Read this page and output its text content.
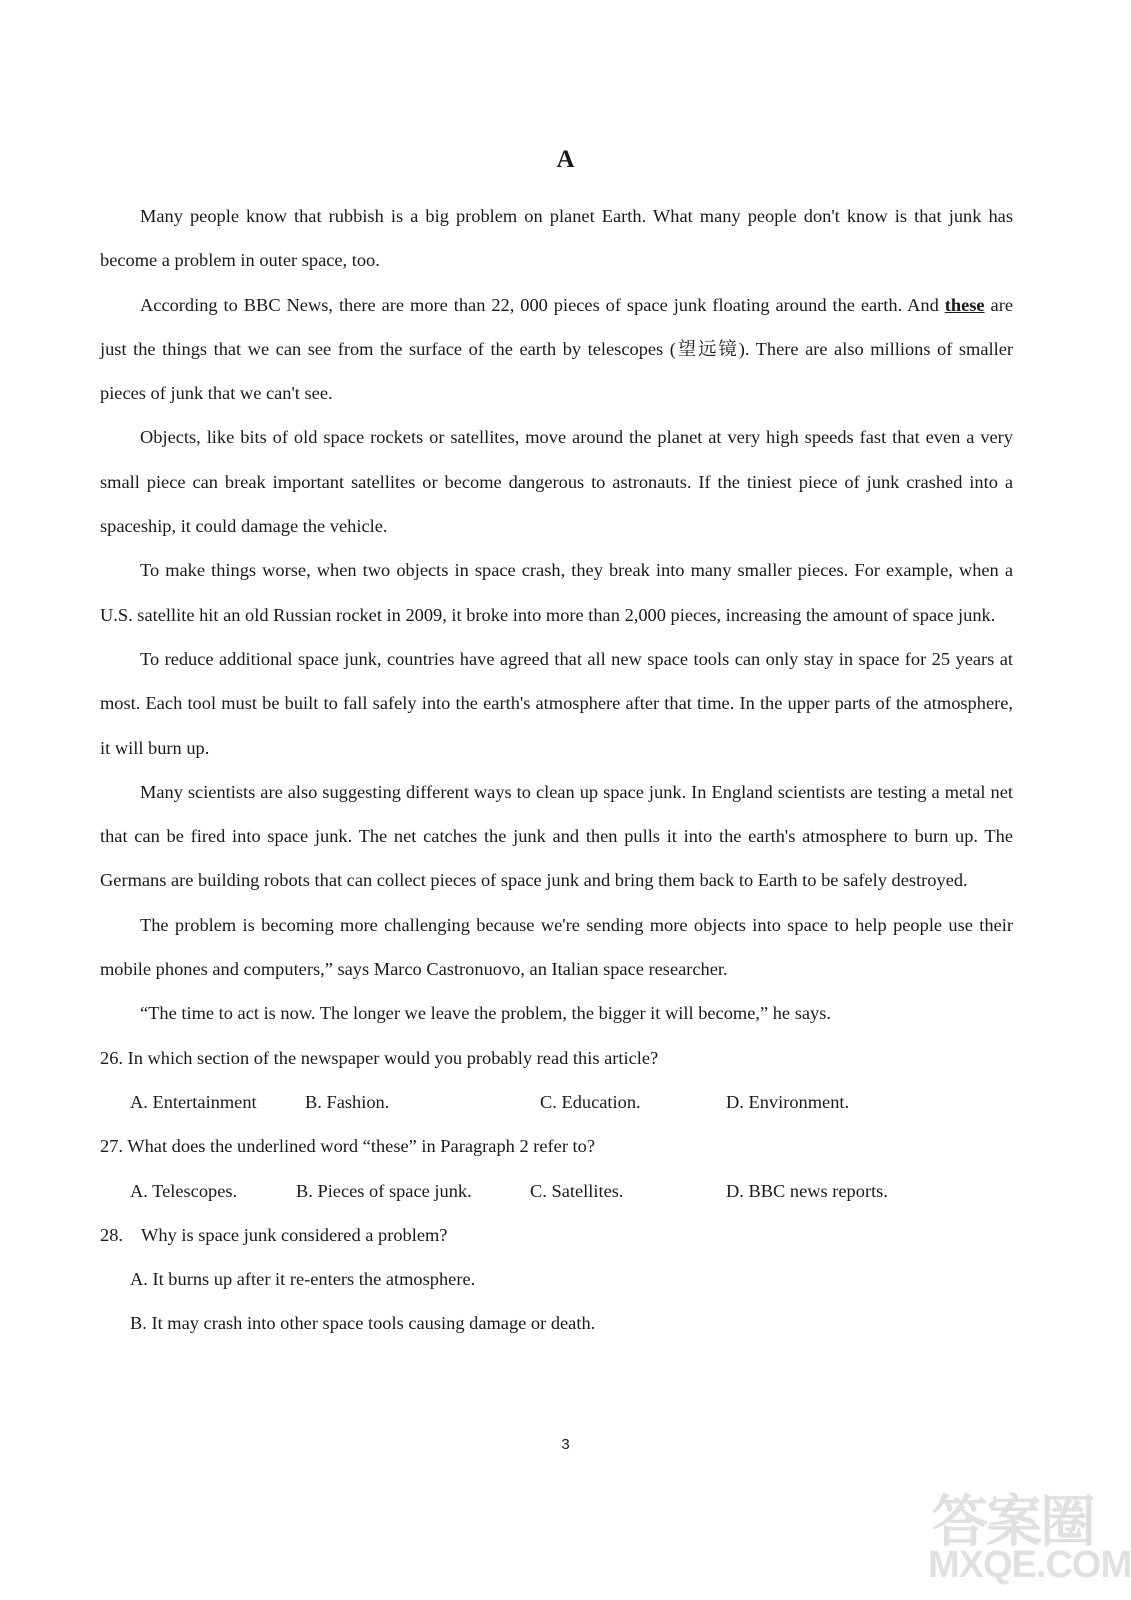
A

Many people know that rubbish is a big problem on planet Earth. What many people don't know is that junk has become a problem in outer space, too.

According to BBC News, there are more than 22, 000 pieces of space junk floating around the earth. And these are just the things that we can see from the surface of the earth by telescopes (望远镜). There are also millions of smaller pieces of junk that we can't see.

Objects, like bits of old space rockets or satellites, move around the planet at very high speeds fast that even a very small piece can break important satellites or become dangerous to astronauts. If the tiniest piece of junk crashed into a spaceship, it could damage the vehicle.

To make things worse, when two objects in space crash, they break into many smaller pieces. For example, when a U.S. satellite hit an old Russian rocket in 2009, it broke into more than 2,000 pieces, increasing the amount of space junk.

To reduce additional space junk, countries have agreed that all new space tools can only stay in space for 25 years at most. Each tool must be built to fall safely into the earth's atmosphere after that time. In the upper parts of the atmosphere, it will burn up.

Many scientists are also suggesting different ways to clean up space junk. In England scientists are testing a metal net that can be fired into space junk. The net catches the junk and then pulls it into the earth's atmosphere to burn up. The Germans are building robots that can collect pieces of space junk and bring them back to Earth to be safely destroyed.

The problem is becoming more challenging because we're sending more objects into space to help people use their mobile phones and computers,” says Marco Castronuovo, an Italian space researcher.

“The time to act is now. The longer we leave the problem, the bigger it will become,” he says.

26. In which section of the newspaper would you probably read this article?

A. Entertainment	B. Fashion.	C. Education.	D. Environment.

27. What does the underlined word “these” in Paragraph 2 refer to?

A. Telescopes.	B. Pieces of space junk.	C. Satellites.	D. BBC news reports.

28.    Why is space junk considered a problem?

A. It burns up after it re-enters the atmosphere.

B. It may crash into other space tools causing damage or death.

3
答案圈
MXQE.COM
